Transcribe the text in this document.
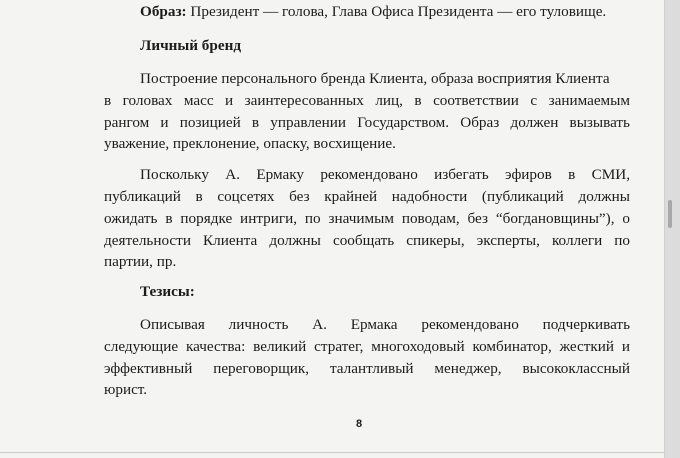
Образ: Президент — голова, Глава Офиса Президента — его туловище.
Личный бренд
Построение персонального бренда Клиента, образа восприятия Клиента
в головах масс и заинтересованных лиц, в соответствии с занимаемым
рангом и позицией в управлении Государством. Образ должен вызывать
уважение, преклонение, опаску, восхищение.
Поскольку А. Ермаку рекомендовано избегать эфиров в СМИ,
публикаций в соцсетях без крайней надобности (публикаций должны
ожидать в порядке интриги, по значимым поводам, без “богдановщины”), о
деятельности Клиента должны сообщать спикеры, эксперты, коллеги по
партии, пр.
Тезисы:
Описывая личность А. Ермака рекомендовано подчеркивать
следующие качества: великий стратег, многоходовый комбинатор, жесткий и
эффективный переговорщик, талантливый менеджер, высококлассный
юрист.
8
